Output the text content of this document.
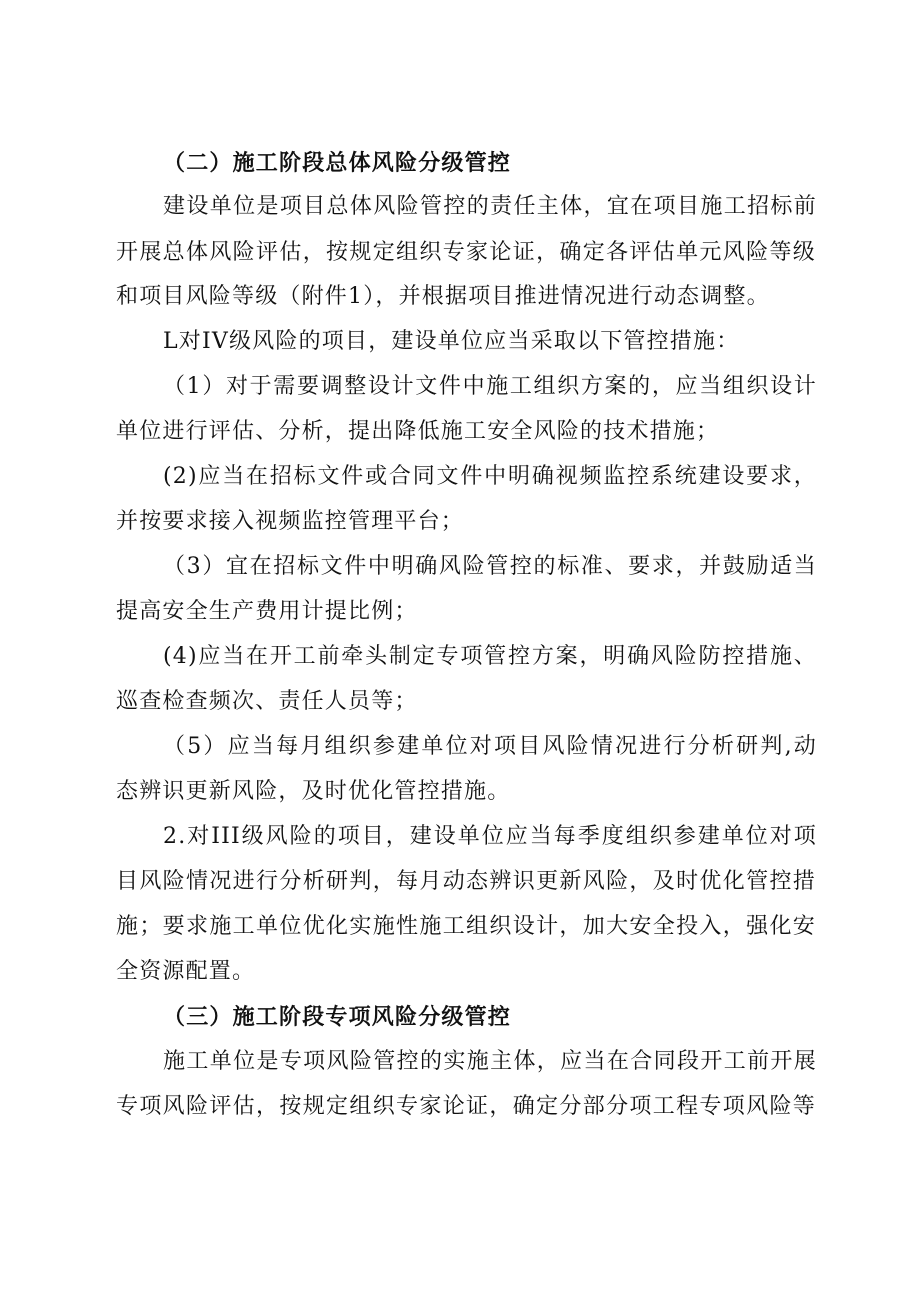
（二）施工阶段总体风险分级管控
建设单位是项目总体风险管控的责任主体，宜在项目施工招标前
开展总体风险评估，按规定组织专家论证，确定各评估单元风险等级
和项目风险等级（附件1），并根据项目推进情况进行动态调整。
L对IV级风险的项目，建设单位应当采取以下管控措施：
（1）对于需要调整设计文件中施工组织方案的，应当组织设计
单位进行评估、分析，提出降低施工安全风险的技术措施；
(2)应当在招标文件或合同文件中明确视频监控系统建设要求，
并按要求接入视频监控管理平台；
（3）宜在招标文件中明确风险管控的标准、要求，并鼓励适当
提高安全生产费用计提比例；
(4)应当在开工前牵头制定专项管控方案，明确风险防控措施、
巡查检查频次、责任人员等；
（5）应当每月组织参建单位对项目风险情况进行分析研判,动
态辨识更新风险，及时优化管控措施。
2.对III级风险的项目，建设单位应当每季度组织参建单位对项
目风险情况进行分析研判，每月动态辨识更新风险，及时优化管控措
施；要求施工单位优化实施性施工组织设计，加大安全投入，强化安
全资源配置。
（三）施工阶段专项风险分级管控
施工单位是专项风险管控的实施主体，应当在合同段开工前开展
专项风险评估，按规定组织专家论证，确定分部分项工程专项风险等
